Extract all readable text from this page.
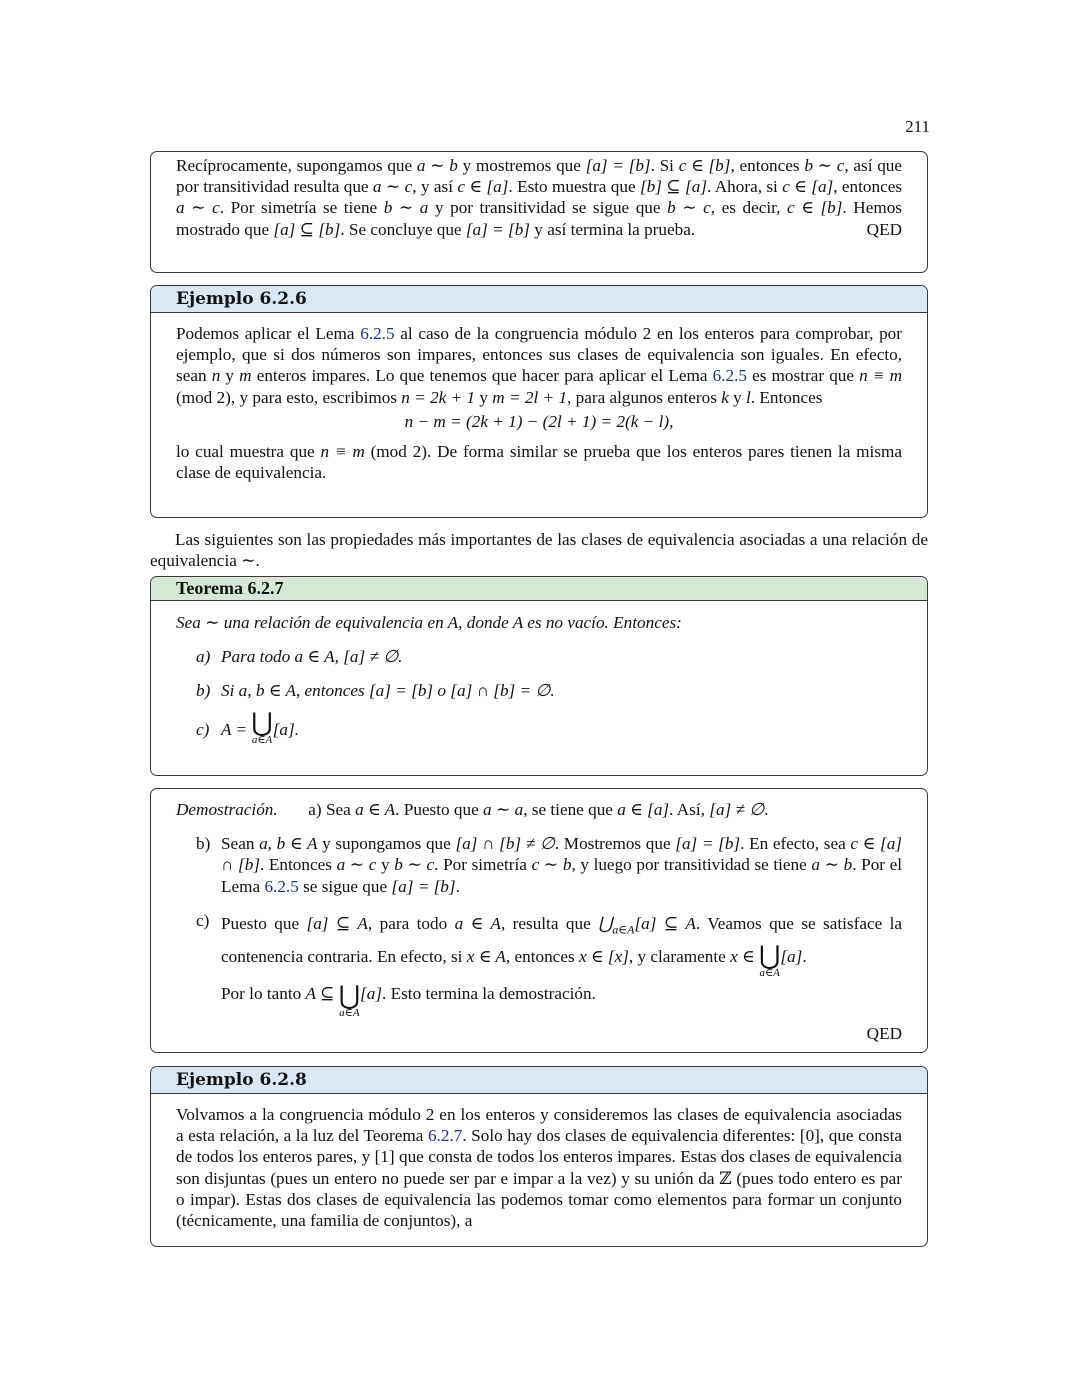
211

Recíprocamente, supongamos que a ∼ b y mostremos que [a] = [b]. Si c ∈ [b], entonces b ∼ c, así que por transitividad resulta que a ∼ c, y así c ∈ [a]. Esto muestra que [b] ⊆ [a]. Ahora, si c ∈ [a], entonces a ∼ c. Por simetría se tiene b ∼ a y por transitividad se sigue que b ∼ c, es decir, c ∈ [b]. Hemos mostrado que [a] ⊆ [b]. Se concluye que [a] = [b] y así termina la prueba.	QED
Ejemplo 6.2.6

Podemos aplicar el Lema 6.2.5 al caso de la congruencia módulo 2 en los enteros para comprobar, por ejemplo, que si dos números son impares, entonces sus clases de equivalencia son iguales. En efecto, sean n y m enteros impares. Lo que tenemos que hacer para aplicar el Lema 6.2.5 es mostrar que n ≡ m (mod 2), y para esto, escribimos n = 2k + 1 y m = 2l + 1, para algunos enteros k y l. Entonces

n − m = (2k + 1) − (2l + 1) = 2(k − l),

lo cual muestra que n ≡ m (mod 2). De forma similar se prueba que los enteros pares tienen la misma clase de equivalencia.

Las siguientes son las propiedades más importantes de las clases de equivalencia asociadas a una relación de equivalencia ∼.

Teorema 6.2.7

Sea ∼ una relación de equivalencia en A, donde A es no vacío. Entonces:

a) Para todo a ∈ A, [a] ≠ ∅.
b) Si a, b ∈ A, entonces [a] = [b] o [a] ∩ [b] = ∅.
c) A = ⋃
a∈A
[a].

Demostración. a) Sea a ∈ A. Puesto que a ∼ a, se tiene que a ∈ [a]. Así, [a] ≠ ∅.

b) Sean a, b ∈ A y supongamos que [a] ∩ [b] ≠ ∅. Mostremos que [a] = [b]. En efecto, sea c ∈ [a] ∩ [b]. Entonces a ∼ c y b ∼ c. Por simetría c ∼ b, y luego por transitividad se tiene a ∼ b. Por el Lema 6.2.5 se sigue que [a] = [b].
c) Puesto que [a] ⊆ A, para todo a ∈ A, resulta que $⋃_{a\in A}[a]$ ⊆ A. Veamos que se satisface la contenencia contraria. En efecto, si x ∈ A, entonces x ∈ [x], y claramente x ∈ ⋃
a∈A
[a].

Por lo tanto A ⊆ ⋃
a∈A
[a]. Esto termina la demostración.

QED
Ejemplo 6.2.8

Volvamos a la congruencia módulo 2 en los enteros y consideremos las clases de equivalencia asociadas a esta relación, a la luz del Teorema 6.2.7. Solo hay dos clases de equivalencia diferentes: [0], que consta de todos los enteros pares, y [1] que consta de todos los enteros impares. Estas dos clases de equivalencia son disjuntas (pues un entero no puede ser par e impar a la vez) y su unión da ℤ (pues todo entero es par o impar). Estas dos clases de equivalencia las podemos tomar como elementos para formar un conjunto (técnicamente, una familia de conjuntos), a
